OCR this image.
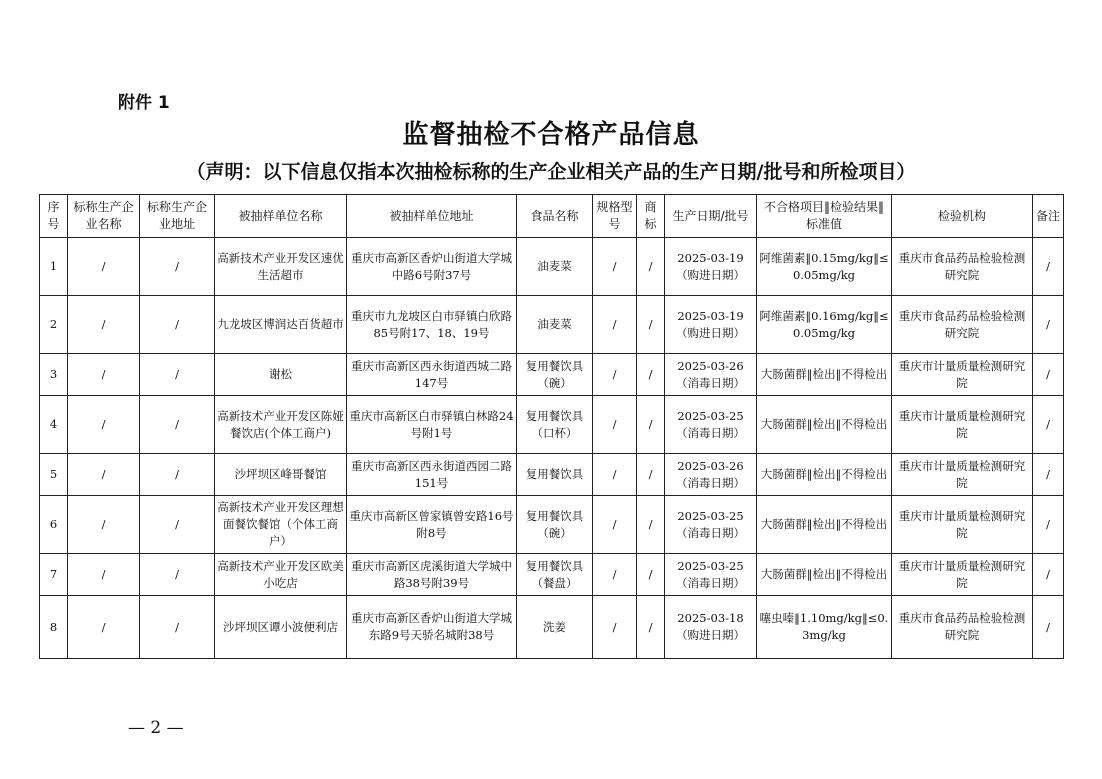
附件 1
监督抽检不合格产品信息
（声明：以下信息仅指本次抽检标称的生产企业相关产品的生产日期/批号和所检项目）
序号	标称生产企业名称	标称生产企业地址	被抽样单位名称	被抽样单位地址	食品名称	规格型号	商标	生产日期/批号	不合格项目‖检验结果‖标准值	检验机构	备注
1	/	/	高新技术产业开发区速优生活超市	重庆市高新区香炉山街道大学城中路6号附37号	油麦菜	/	/	2025-03-19（购进日期）	阿维菌素‖0.15mg/kg‖≤0.05mg/kg	重庆市食品药品检验检测研究院	/
2	/	/	九龙坡区博润达百货超市	重庆市九龙坡区白市驿镇白欣路85号附17、18、19号	油麦菜	/	/	2025-03-19（购进日期）	阿维菌素‖0.16mg/kg‖≤0.05mg/kg	重庆市食品药品检验检测研究院	/
3	/	/	谢松	重庆市高新区西永街道西城二路147号	复用餐饮具（碗）	/	/	2025-03-26（消毒日期）	大肠菌群‖检出‖不得检出	重庆市计量质量检测研究院	/
4	/	/	高新技术产业开发区陈娅餐饮店(个体工商户)	重庆市高新区白市驿镇白林路24号附1号	复用餐饮具（口杯）	/	/	2025-03-25（消毒日期）	大肠菌群‖检出‖不得检出	重庆市计量质量检测研究院	/
5	/	/	沙坪坝区峰哥餐馆	重庆市高新区西永街道西园二路151号	复用餐饮具	/	/	2025-03-26（消毒日期）	大肠菌群‖检出‖不得检出	重庆市计量质量检测研究院	/
6	/	/	高新技术产业开发区理想面餐饮餐馆（个体工商户）	重庆市高新区曾家镇曾安路16号附8号	复用餐饮具（碗）	/	/	2025-03-25（消毒日期）	大肠菌群‖检出‖不得检出	重庆市计量质量检测研究院	/
7	/	/	高新技术产业开发区欧美小吃店	重庆市高新区虎溪街道大学城中路38号附39号	复用餐饮具（餐盘）	/	/	2025-03-25（消毒日期）	大肠菌群‖检出‖不得检出	重庆市计量质量检测研究院	/
8	/	/	沙坪坝区谭小波便利店	重庆市高新区香炉山街道大学城东路9号天骄名城附38号	洗姜	/	/	2025-03-18（购进日期）	噻虫嗪‖1.10mg/kg‖≤0.3mg/kg	重庆市食品药品检验检测研究院	/
— 2 —
